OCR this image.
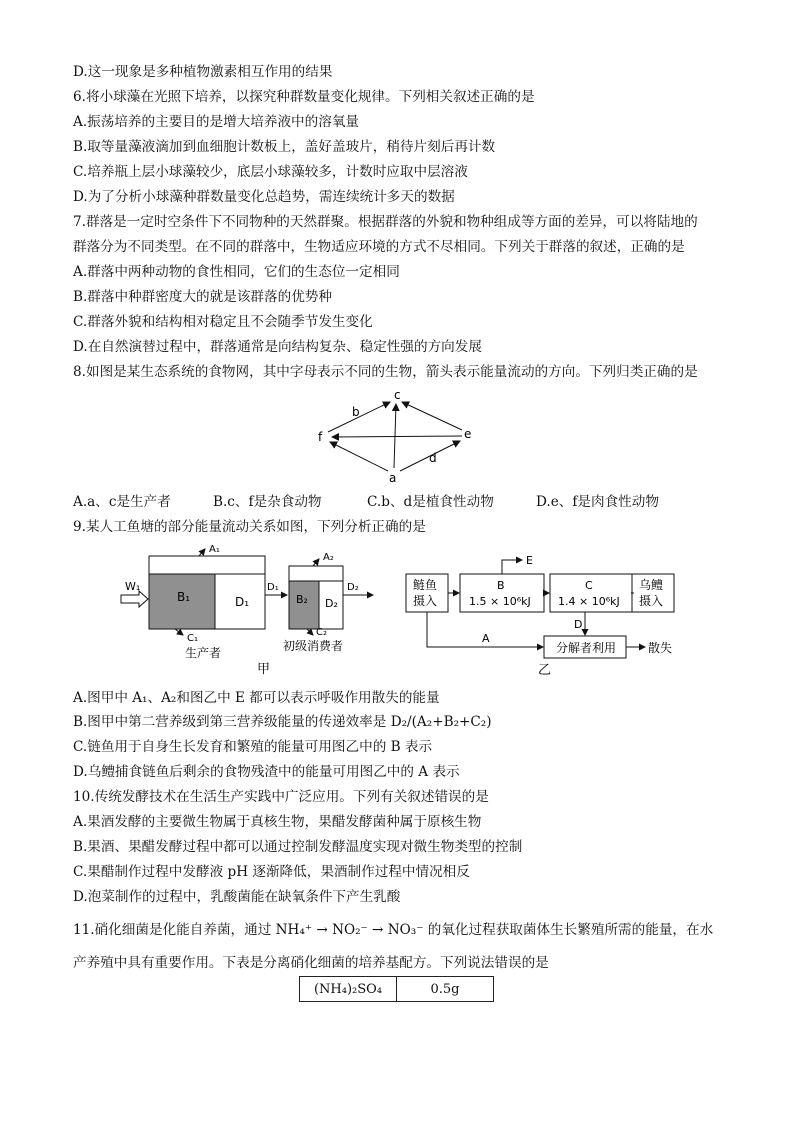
D.这一现象是多种植物激素相互作用的结果
6.将小球藻在光照下培养，以探究种群数量变化规律。下列相关叙述正确的是
A.振荡培养的主要目的是增大培养液中的溶氧量
B.取等量藻液滴加到血细胞计数板上，盖好盖玻片，稍待片刻后再计数
C.培养瓶上层小球藻较少，底层小球藻较多，计数时应取中层溶液
D.为了分析小球藻种群数量变化总趋势，需连续统计多天的数据
7.群落是一定时空条件下不同物种的天然群聚。根据群落的外貌和物种组成等方面的差异，可以将陆地的
群落分为不同类型。在不同的群落中，生物适应环境的方式不尽相同。下列关于群落的叙述，正确的是
A.群落中两种动物的食性相同，它们的生态位一定相同
B.群落中种群密度大的就是该群落的优势种
C.群落外貌和结构相对稳定且不会随季节发生变化
D.在自然演替过程中，群落通常是向结构复杂、稳定性强的方向发展
8.如图是某生态系统的食物网，其中字母表示不同的生物，箭头表示能量流动的方向。下列归类正确的是
c
b
f	e
d
a
A.a、c是生产者	B.c、f是杂食动物	C.b、d是植食性动物	D.e、f是肉食性动物
9.某人工鱼塘的部分能量流动关系如图，下列分析正确的是
W₁
B₁	D₁
A₁
C₁
生产者
D₁
B₂ D₂
A₂
C₂
初级消费者
D₂
甲
鲢鱼
摄入
B
1.5 × 10⁶kJ
C
1.4 × 10⁶kJ
乌鳢
摄入
分解者利用
E
D
A
散失
乙
A.图甲中 A₁、A₂和图乙中 E 都可以表示呼吸作用散失的能量
B.图甲中第二营养级到第三营养级能量的传递效率是 D₂/(A₂+B₂+C₂)
C.链鱼用于自身生长发育和繁殖的能量可用图乙中的 B 表示
D.乌鳢捕食链鱼后剩余的食物残渣中的能量可用图乙中的 A 表示
10.传统发酵技术在生活生产实践中广泛应用。下列有关叙述错误的是
A.果酒发酵的主要微生物属于真核生物，果醋发酵菌种属于原核生物
B.果酒、果醋发酵过程中都可以通过控制发酵温度实现对微生物类型的控制
C.果醋制作过程中发酵液 pH 逐渐降低，果酒制作过程中情况相反
D.泡菜制作的过程中，乳酸菌能在缺氧条件下产生乳酸
11.硝化细菌是化能自养菌，通过 NH₄⁺ → NO₂⁻ → NO₃⁻ 的氧化过程获取菌体生长繁殖所需的能量，在水
产养殖中具有重要作用。下表是分离硝化细菌的培养基配方。下列说法错误的是
(NH₄)₂SO₄	0.5g
